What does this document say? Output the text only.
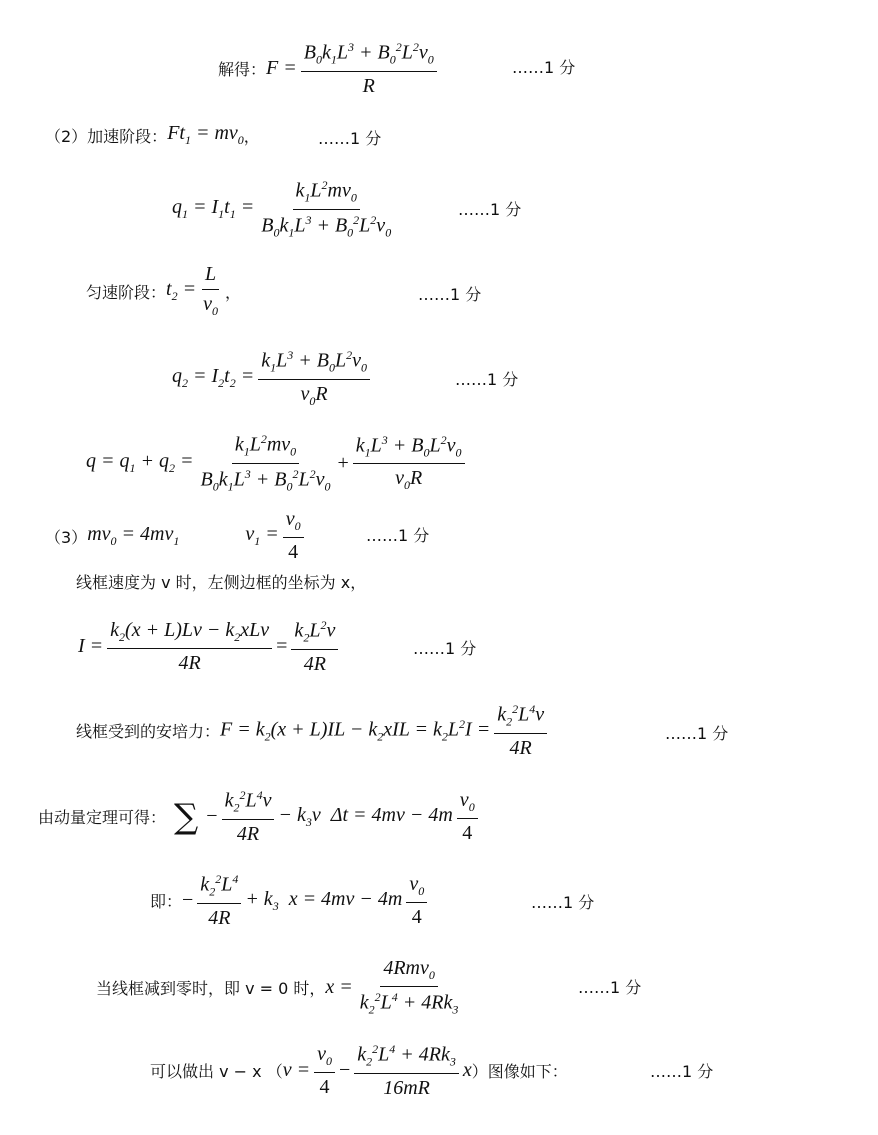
解得： $F = \frac{B_0k_1L^3 + B_0^2L^2v_0}{R}$	……1 分
（2）加速阶段： $Ft_1 = mv_0$ ，	……1 分
$q_1 = I_1t_1 = \frac{k_1L^2mv_0}{B_0k_1L^3 + B_0^2L^2v_0}$	……1 分
匀速阶段： $t_2 = \frac{L}{v_0}$ ，	……1 分
$q_2 = I_2t_2 = \frac{k_1L^3 + B_0L^2v_0}{v_0R}$	……1 分
$q = q_1 + q_2 = \frac{k_1L^2mv_0}{B_0k_1L^3 + B_0^2L^2v_0} + \frac{k_1L^3 + B_0L^2v_0}{v_0R}$
（3） $mv_0 = 4mv_1$	$v_1 = \frac{v_0}{4}$	……1 分
线框速度为 v 时，左侧边框的坐标为 x，
$I = \frac{k_2(x + L)Lv - k_2xLv}{4R} = \frac{k_2L^2v}{4R}$	……1 分
线框受到的安培力： $F = k_2(x + L)IL - k_2xIL = k_2L^2I = \frac{k_2^2L^4v}{4R}$	……1 分
由动量定理可得： ∑ − $\frac{k_2^2L^4v}{4R} - k_3v$  $\Delta t = 4mv - 4m \frac{v_0}{4}$
即： − $\frac{k_2^2L^4}{4R} + k_3$  $x = 4mv - 4m \frac{v_0}{4}$	……1 分
当线框减到零时，即 v = 0 时， $x = \frac{4Rmv_0}{k_2^2L^4 + 4Rk_3}$	……1 分
可以做出 v − x （ $v = \frac{v_0}{4} - \frac{k_2^2L^4 + 4Rk_3}{16mR}$ x ）图像如下：	……1 分
